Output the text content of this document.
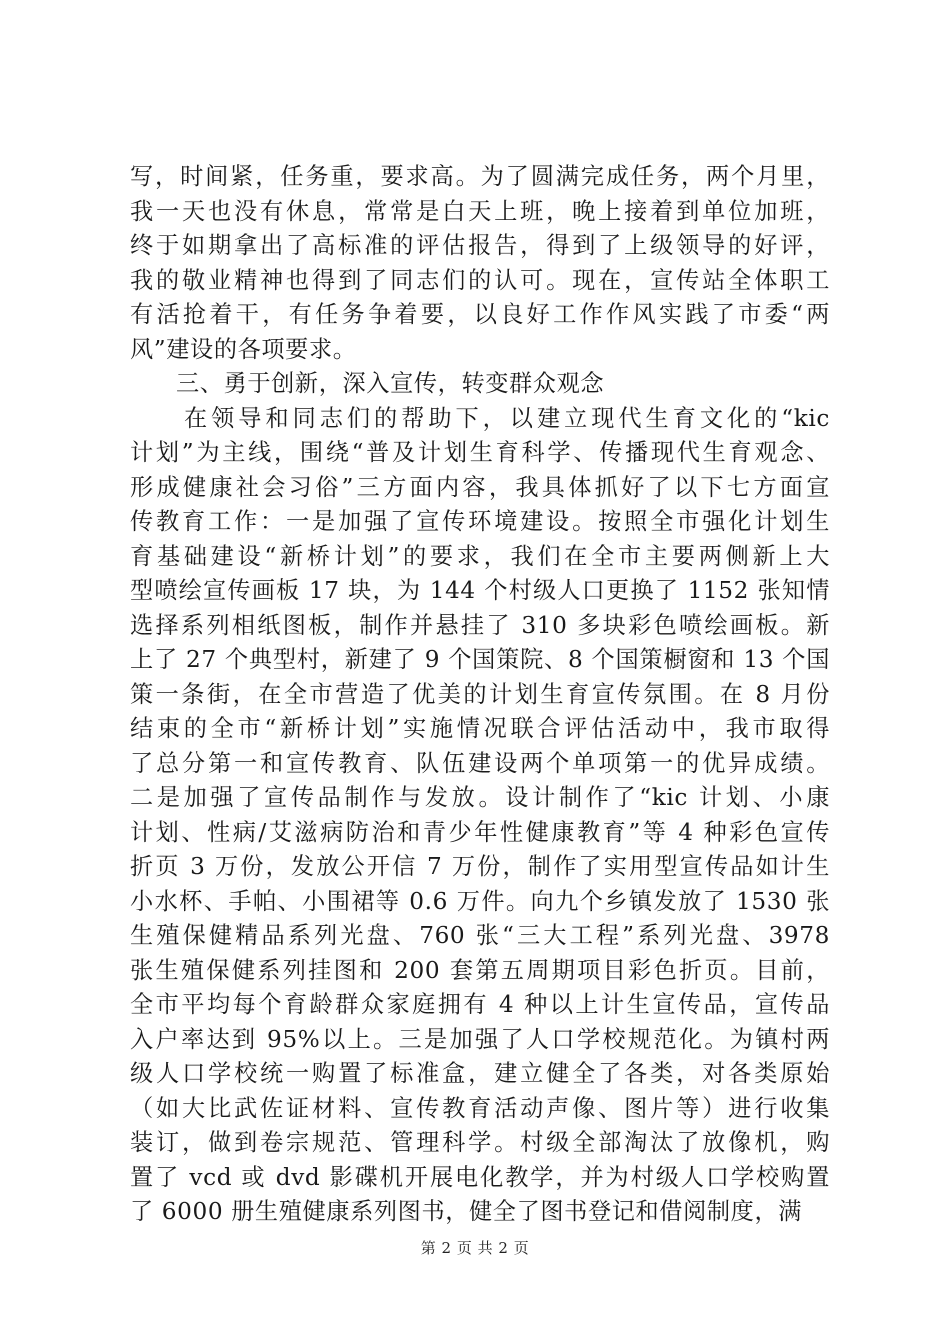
写，时间紧，任务重，要求高。为了圆满完成任务，两个月里，
我一天也没有休息，常常是白天上班，晚上接着到单位加班，
终于如期拿出了高标准的评估报告，得到了上级领导的好评，
我的敬业精神也得到了同志们的认可。现在，宣传站全体职工
有活抢着干，有任务争着要，以良好工作作风实践了市委“两
风”建设的各项要求。
三、勇于创新，深入宣传，转变群众观念
在领导和同志们的帮助下，以建立现代生育文化的“kic
计划”为主线，围绕“普及计划生育科学、传播现代生育观念、
形成健康社会习俗”三方面内容，我具体抓好了以下七方面宣
传教育工作：一是加强了宣传环境建设。按照全市强化计划生
育基础建设“新桥计划”的要求，我们在全市主要两侧新上大
型喷绘宣传画板 17 块，为 144 个村级人口更换了 1152 张知情
选择系列相纸图板，制作并悬挂了 310 多块彩色喷绘画板。新
上了 27 个典型村，新建了 9 个国策院、8 个国策橱窗和 13 个国
策一条街，在全市营造了优美的计划生育宣传氛围。在 8 月份
结束的全市“新桥计划”实施情况联合评估活动中，我市取得
了总分第一和宣传教育、队伍建设两个单项第一的优异成绩。
二是加强了宣传品制作与发放。设计制作了“kic 计划、小康
计划、性病/艾滋病防治和青少年性健康教育”等 4 种彩色宣传
折页 3 万份，发放公开信 7 万份，制作了实用型宣传品如计生
小水杯、手帕、小围裙等 0.6 万件。向九个乡镇发放了 1530 张
生殖保健精品系列光盘、760 张“三大工程”系列光盘、3978
张生殖保健系列挂图和 200 套第五周期项目彩色折页。目前，
全市平均每个育龄群众家庭拥有 4 种以上计生宣传品，宣传品
入户率达到 95%以上。三是加强了人口学校规范化。为镇村两
级人口学校统一购置了标准盒，建立健全了各类，对各类原始
（如大比武佐证材料、宣传教育活动声像、图片等）进行收集
装订，做到卷宗规范、管理科学。村级全部淘汰了放像机，购
置了 vcd 或 dvd 影碟机开展电化教学，并为村级人口学校购置
了 6000 册生殖健康系列图书，健全了图书登记和借阅制度，满
第 2 页 共 2 页
